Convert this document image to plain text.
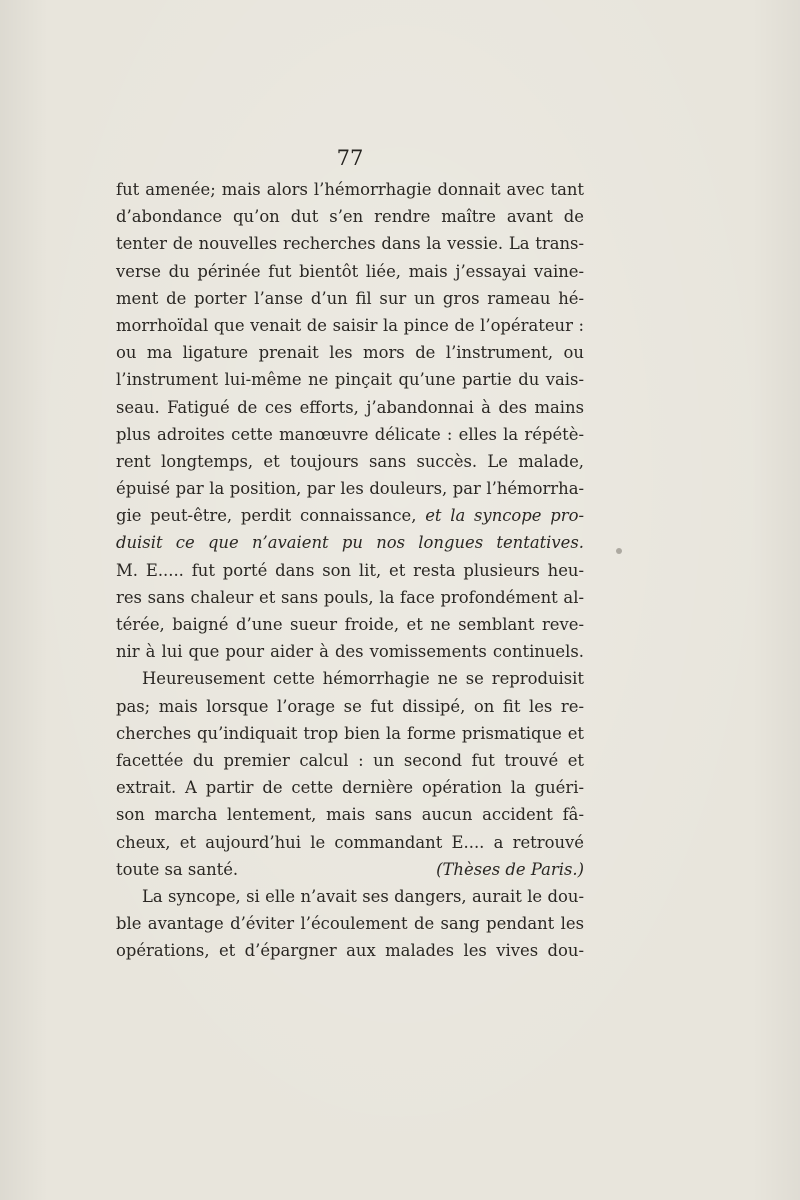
77
fut amenée; mais alors l’hémorrhagie donnait avec tant
d’abondance qu’on dut s’en rendre maître avant de
tenter de nouvelles recherches dans la vessie. La trans-
verse du périnée fut bientôt liée, mais j’essayai vaine-
ment de porter l’anse d’un fil sur un gros rameau hé-
morrhoïdal que venait de saisir la pince de l’opérateur :
ou ma ligature prenait les mors de l’instrument, ou
l’instrument lui-même ne pinçait qu’une partie du vais-
seau. Fatigué de ces efforts, j’abandonnai à des mains
plus adroites cette manœuvre délicate : elles la répétè-
rent longtemps, et toujours sans succès. Le malade,
épuisé par la position, par les douleurs, par l’hémorrha-
gie peut-être, perdit connaissance, et la syncope pro-
duisit ce que n’avaient pu nos longues tentatives.
M. E..... fut porté dans son lit, et resta plusieurs heu-
res sans chaleur et sans pouls, la face profondément al-
térée, baigné d’une sueur froide, et ne semblant reve-
nir à lui que pour aider à des vomissements continuels.
Heureusement cette hémorrhagie ne se reproduisit
pas; mais lorsque l’orage se fut dissipé, on fit les re-
cherches qu’indiquait trop bien la forme prismatique et
facettée du premier calcul : un second fut trouvé et
extrait. A partir de cette dernière opération la guéri-
son marcha lentement, mais sans aucun accident fâ-
cheux, et aujourd’hui le commandant E.... a retrouvé
toute sa santé.	(Thèses de Paris.)
La syncope, si elle n’avait ses dangers, aurait le dou-
ble avantage d’éviter l’écoulement de sang pendant les
opérations, et d’épargner aux malades les vives dou-
